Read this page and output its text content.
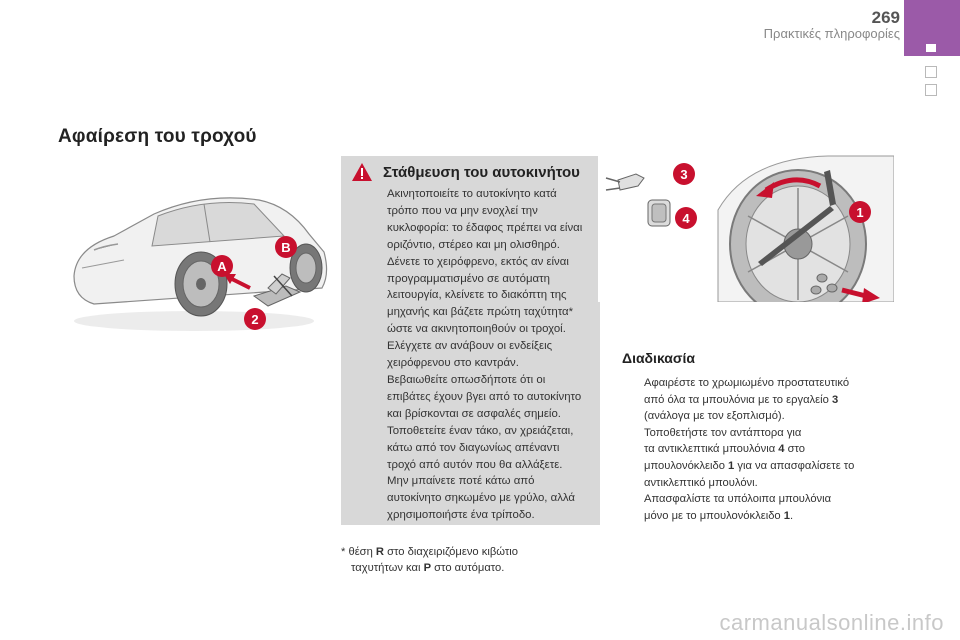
269
Πρακτικές πληροφορίες
Αφαίρεση του τροχού
A
B
2
Στάθμευση του αυτοκινήτου
Ακινητοποιείτε το αυτοκίνητο κατά
τρόπο που να μην ενοχλεί την
κυκλοφορία: το έδαφος πρέπει να είναι
οριζόντιο, στέρεο και μη ολισθηρό.
Δένετε το χειρόφρενο, εκτός αν είναι
προγραμματισμένο σε αυτόματη
λειτουργία, κλείνετε το διακόπτη της
μηχανής και βάζετε πρώτη ταχύτητα*
ώστε να ακινητοποιηθούν οι τροχοί.
Ελέγχετε αν ανάβουν οι ενδείξεις
χειρόφρενου στο καντράν.
Βεβαιωθείτε οπωσδήποτε ότι οι
επιβάτες έχουν βγει από το αυτοκίνητο
και βρίσκονται σε ασφαλές σημείο.
Τοποθετείτε έναν τάκο, αν χρειάζεται,
κάτω από τον διαγωνίως απέναντι
τροχό από αυτόν που θα αλλάξετε.
Μην μπαίνετε ποτέ κάτω από
αυτοκίνητο σηκωμένο με γρύλο, αλλά
χρησιμοποιήστε ένα τρίποδο.
* θέση R στο διαχειριζόμενο κιβώτιο
ταχυτήτων και P στο αυτόματο.
3
4	1
Διαδικασία
Αφαιρέστε το χρωμιωμένο προστατευτικό
από όλα τα μπουλόνια με το εργαλείο 3
(ανάλογα με τον εξοπλισμό).
Τοποθετήστε τον αντάπτορα για
τα αντικλεπτικά μπουλόνια 4 στο
μπουλονόκλειδο 1 για να απασφαλίσετε το
αντικλεπτικό μπουλόνι.
Απασφαλίστε τα υπόλοιπα μπουλόνια
μόνο με το μπουλονόκλειδο 1.
carmanualsonline.info
